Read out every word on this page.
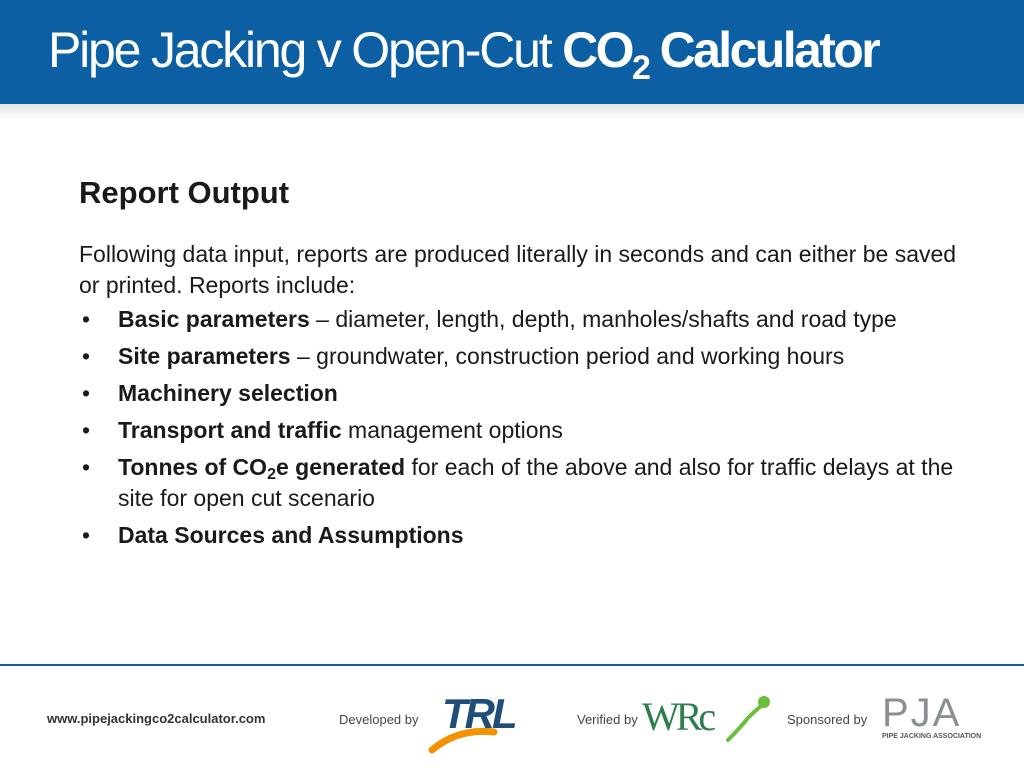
Pipe Jacking v Open-Cut $CO_2$ Calculator
Report Output

Following data input, reports are produced literally in seconds and can either be saved or printed. Reports include:

• Basic parameters – diameter, length, depth, manholes/shafts and road type
• Site parameters – groundwater, construction period and working hours
• Machinery selection
• Transport and traffic management options
• Tonnes of $CO_2e$ generated for each of the above and also for traffic delays at the site for open cut scenario
• Data Sources and Assumptions
www.pipejackingco2calculator.com	Developed by TRL	Verified by WRc	Sponsored by PJA
PIPE JACKING ASSOCIATION
